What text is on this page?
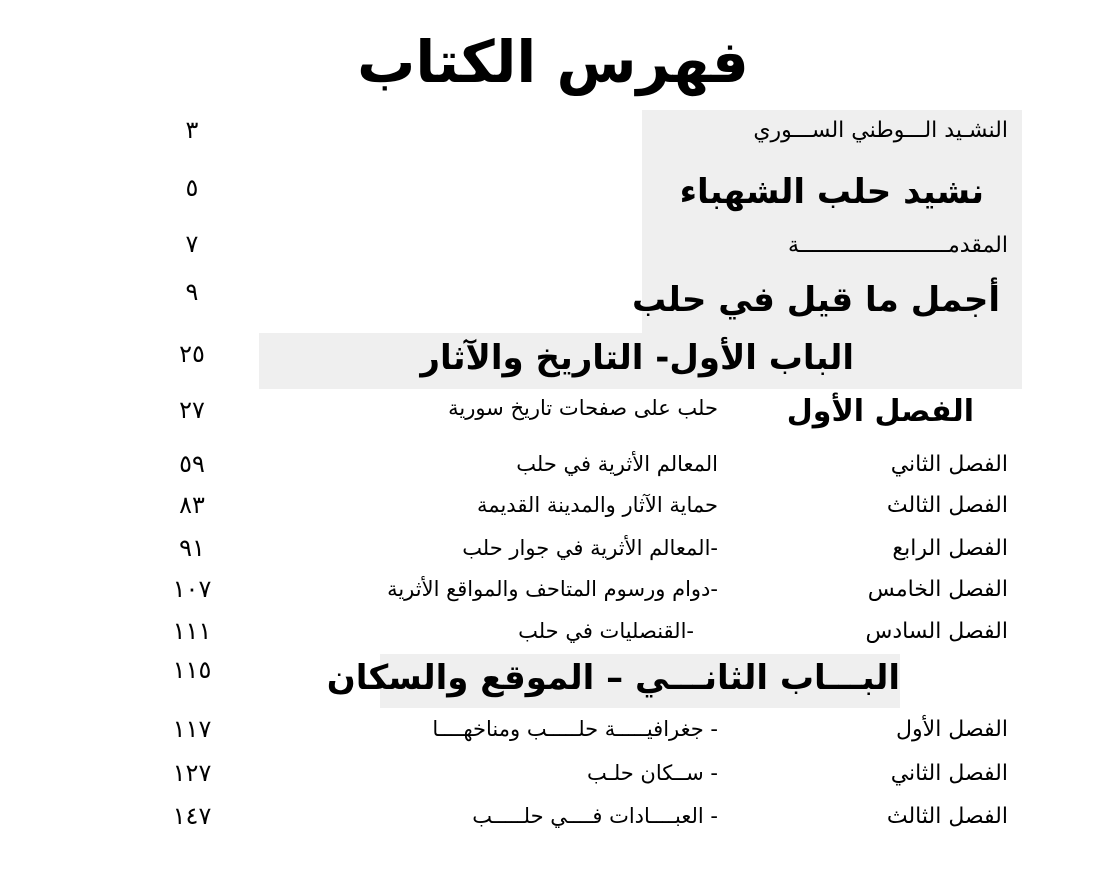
فهرس الكتاب
النشـيد الـــوطني الســـوري
٣
نشيد حلب الشهباء
٥
المقدمـــــــــــــــــــــــة
٧
أجمل ما قيل في حلب
٩
الباب الأول- التاريخ والآثار
٢٥
الفصل الأول
حلب على صفحات تاريخ سورية
٢٧
الفصل الثاني
المعالم الأثرية في حلب
٥٩
الفصل الثالث
حماية الآثار والمدينة القديمة
٨٣
الفصل الرابع
-المعالم الأثرية في جوار حلب
٩١
الفصل الخامس
-دوام ورسوم المتاحف والمواقع الأثرية
١٠٧
الفصل السادس
-القنصليات في حلب
١١١
البـــاب الثانـــي – الموقع والسكان
١١٥
الفصل الأول
- جغرافيـــــة حلـــــب ومناخهــــا
١١٧
الفصل الثاني
- ســكان حلـب
١٢٧
الفصل الثالث
- العبــــادات فــــي حلـــــب
١٤٧
